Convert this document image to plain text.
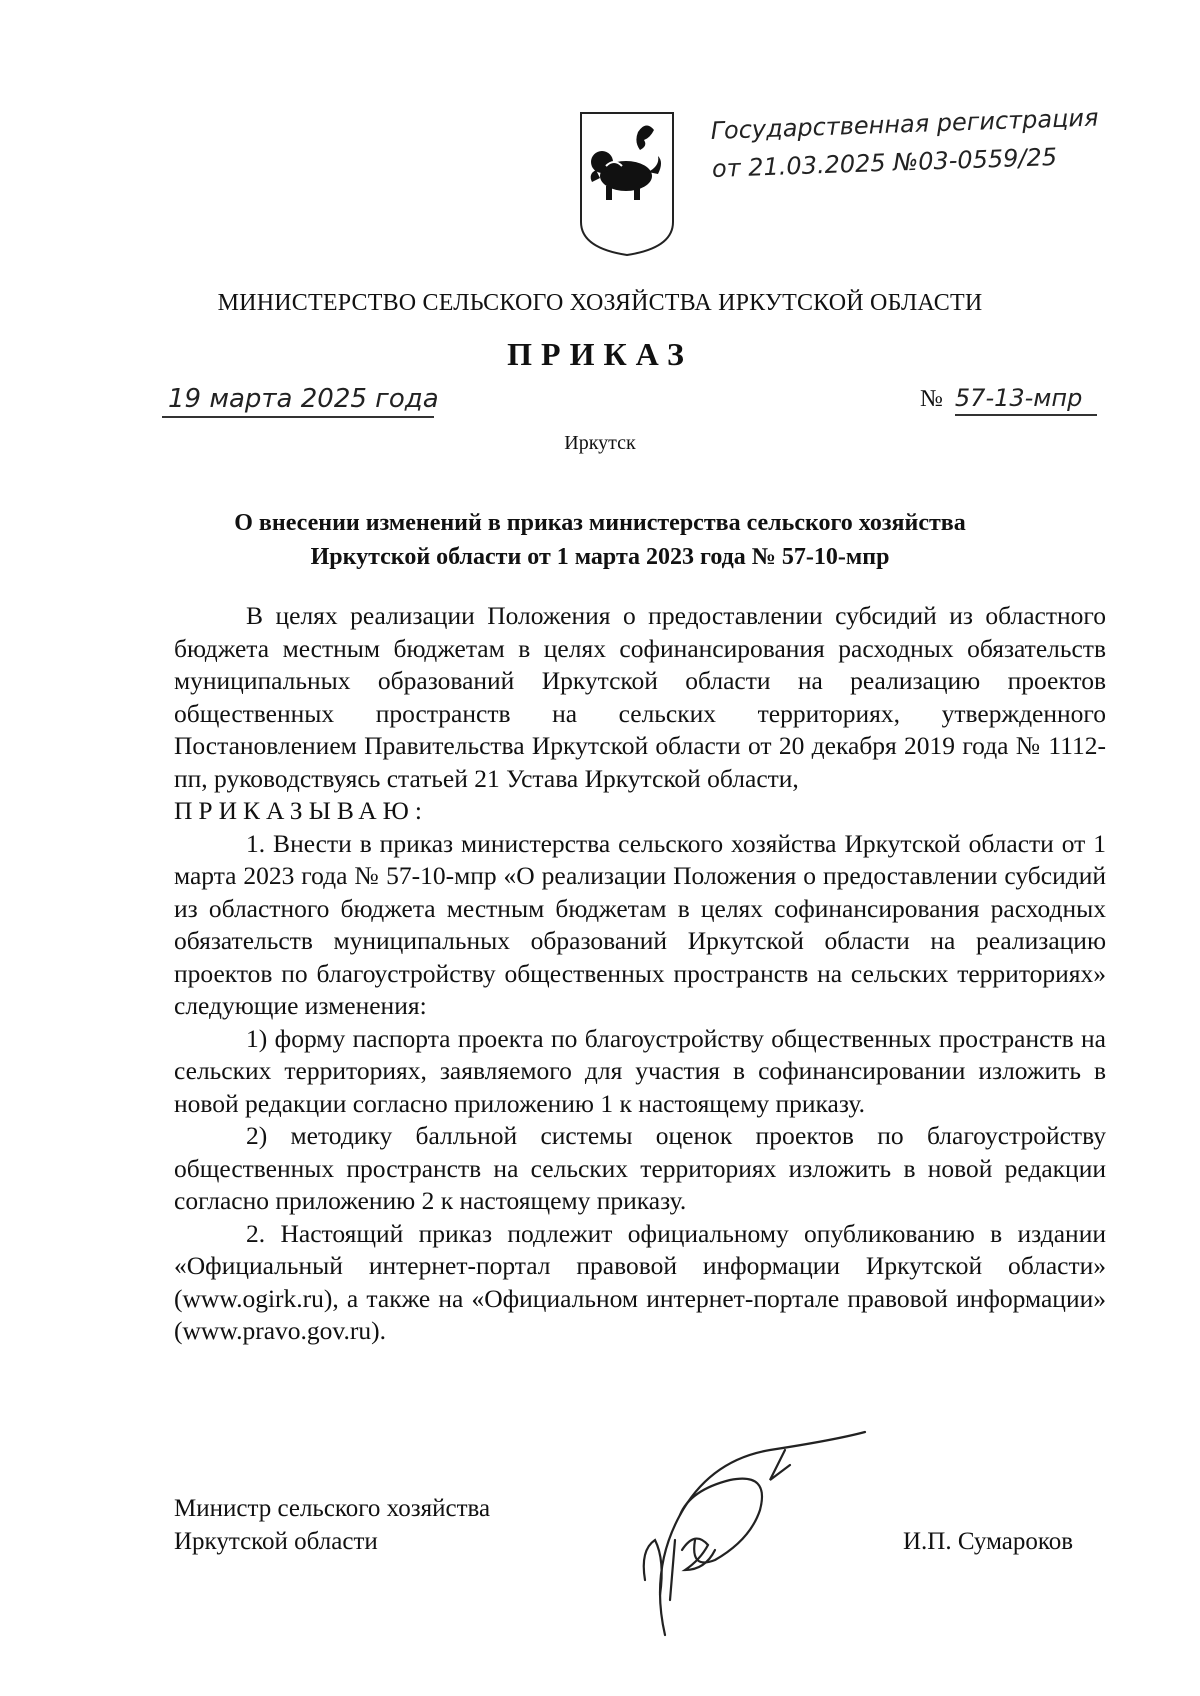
Государственная регистрация
от 21.03.2025 №03-0559/25
МИНИСТЕРСТВО СЕЛЬСКОГО ХОЗЯЙСТВА ИРКУТСКОЙ ОБЛАСТИ
ПРИКАЗ
19 марта 2025 года	№ 57-13-мпр
Иркутск
О внесении изменений в приказ министерства сельского хозяйства
Иркутской области от 1 марта 2023 года № 57-10-мпр

В целях реализации Положения о предоставлении субсидий из областного бюджета местным бюджетам в целях софинансирования расходных обязательств муниципальных образований Иркутской области на реализацию проектов общественных пространств на сельских территориях, утвержденного Постановлением Правительства Иркутской области от 20 декабря 2019 года № 1112-пп, руководствуясь статьей 21 Устава Иркутской области,

ПРИКАЗЫВАЮ:

1. Внести в приказ министерства сельского хозяйства Иркутской области от 1 марта 2023 года № 57-10-мпр «О реализации Положения о предоставлении субсидий из областного бюджета местным бюджетам в целях софинансирования расходных обязательств муниципальных образований Иркутской области на реализацию проектов по благоустройству общественных пространств на сельских территориях» следующие изменения:

1) форму паспорта проекта по благоустройству общественных пространств на сельских территориях, заявляемого для участия в софинансировании изложить в новой редакции согласно приложению 1 к настоящему приказу.

2) методику балльной системы оценок проектов по благоустройству общественных пространств на сельских территориях изложить в новой редакции согласно приложению 2 к настоящему приказу.

2. Настоящий приказ подлежит официальному опубликованию в издании «Официальный интернет-портал правовой информации Иркутской области» (www.ogirk.ru), а также на «Официальном интернет-портале правовой информации» (www.pravo.gov.ru).

Министр сельского хозяйства
Иркутской области	И.П. Сумароков
